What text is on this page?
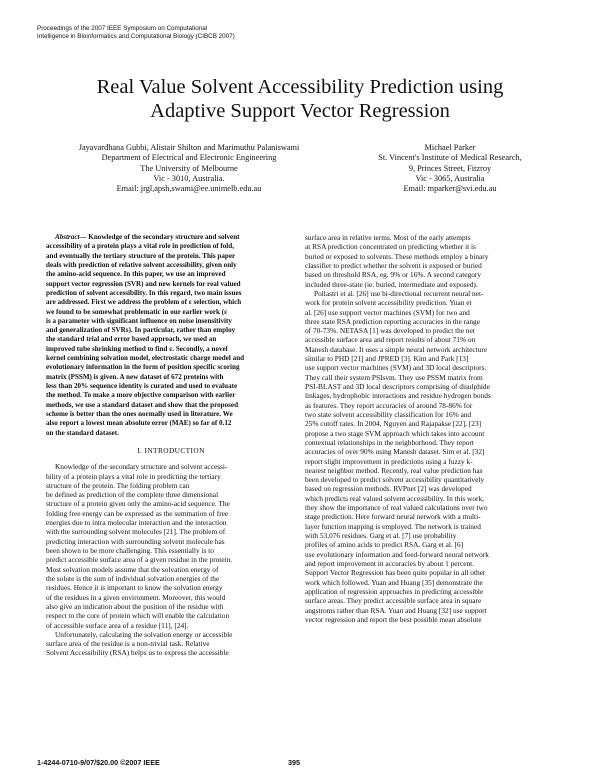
Proceedings of the 2007 IEEE Symposium on Computational
Intelligence in Bioinformatics and Computational Biology (CIBCB 2007)
Real Value Solvent Accessibility Prediction using
Adaptive Support Vector Regression
Jayavardhana Gubbi, Alistair Shilton and Marimuthu Palaniswami
Department of Electrical and Electronic Engineering
The University of Melbourne
Vic - 3010, Australia.
Email: jrgl,apsh,swami@ee.unimelb.edu.au
Michael Parker
St. Vincent's Institute of Medical Research,
9, Princes Street, Fitzroy
Vic - 3065, Australia
Email: mparker@svi.edu.au
Abstract— Knowledge of the secondary structure and solvent
accessibility of a protein plays a vital role in prediction of fold,
and eventually the tertiary structure of the protein. This paper
deals with prediction of relative solvent accessibility, given only
the amino-acid sequence. In this paper, we use an improved
support vector regression (SVR) and new kernels for real valued
prediction of solvent accessibility. In this regard, two main issues
are addressed. First we address the problem of ε selection, which
we found to be somewhat problematic in our earlier work (ε
is a parameter with significant influence on noise insensitivity
and generalization of SVRs). In particular, rather than employ
the standard trial and error based approach, we used an
improved tube shrinking method to find ε. Secondly, a novel
kernel combining solvation model, electrostatic charge model and
evolutionary information in the form of position specific scoring
matrix (PSSM) is given. A new dataset of 672 proteins with
less than 20% sequence identity is curated and used to evaluate
the method. To make a more objective comparison with earlier
methods, we use a standard dataset and show that the proposed
scheme is better than the ones normally used in literature. We
also report a lowest mean absolute error (MAE) so far of 0.12
on the standard dataset.
I. INTRODUCTION
Knowledge of the secondary structure and solvent accessi-
bility of a protein plays a vital role in predicting the tertiary
structure of the protein. The folding problem can
be defined as prediction of the complete three dimensional
structure of a protein given only the amino-acid sequence. The
folding free energy can be expressed as the summation of free
energies due to intra molecular interaction and the interaction
with the surrounding solvent molecules [21]. The problem of
predicting interaction with surrounding solvent molecule has
been shown to be more challenging. This essentially is to
predict accessible surface area of a given residue in the protein.
Most solvation models assume that the solvation energy of
the solute is the sum of individual solvation energies of the
residues. Hence it is important to know the solvation energy
of the residues in a given environment. Moreover, this would
also give an indication about the position of the residue with
respect to the core of protein which will enable the calculation
of accessible surface area of a residue [11], [24].
Unfortunately, calculating the solvation energy or accessible
surface area of the residue is a non-trivial task. Relative
Solvent Accessibility (RSA) helps us to express the accessible
surface area in relative terms. Most of the early attempts
at RSA prediction concentrated on predicting whether it is
buried or exposed to solvents. These methods employ a binary
classifier to predict whether the solvent is exposed or buried
based on threshold RSA, eg. 9% or 16%. A second category
included three-state (ie. buried, intermediate and exposed).
Pollastri et al. [26] use bi-directional recurrent neural net-
work for protein solvent accessibility prediction. Yuan et
al. [26] use support vector machines (SVM) for two and
three state RSA prediction reporting accuracies in the range
of 70-73%. NETASA [1] was developed to predict the net
accessible surface area and report results of about 71% on
Manesh database. It uses a simple neural network architecture
similar to PHD [21] and JPRED [3]. Kim and Park [13]
use support vector machines (SVM) and 3D local descriptors.
They call their system PSIsvm. They use PSSM matrix from
PSI-BLAST and 3D local descriptors comprising of disulphide
linkages, hydrophobic interactions and residue hydrogen bonds
as features. They report accuracies of around 78-86% for
two state solvent accessibility classification for 16% and
25% cutoff rates. In 2004, Nguyen and Rajapakse [22], [23]
propose a two stage SVM approach which takes into account
contextual relationships in the neighborhood. They report
accuracies of over 90% using Manesh dataset. Sim et al. [32]
report slight improvement in predictions using a fuzzy k-
nearest neighbor method. Recently, real value prediction has
been developed to predict solvent accessibility quantitatively
based on regression methods. RVPnet [2] was developed
which predicts real valued solvent accessibility. In this work,
they show the importance of real valued calculations over two
stage prediction. Here forward neural network with a multi-
layer function mapping is employed. The network is trained
with 53,076 residues. Garg et al. [7] use probability
profiles of amino acids to predict RSA. Garg et al. [6]
use evolutionary information and feed-forward neural network
and report improvement in accuracies by about 1 percent.
Support Vector Regression has been quite popular in all other
work which followed. Yuan and Huang [35] demonstrate the
application of regression approaches in predicting accessible
surface areas. They predict accessible surface area in square
angstroms rather than RSA. Yuan and Huang [32] use support
vector regression and report the best possible mean absolute
1-4244-0710-9/07/$20.00 ©2007 IEEE	395
